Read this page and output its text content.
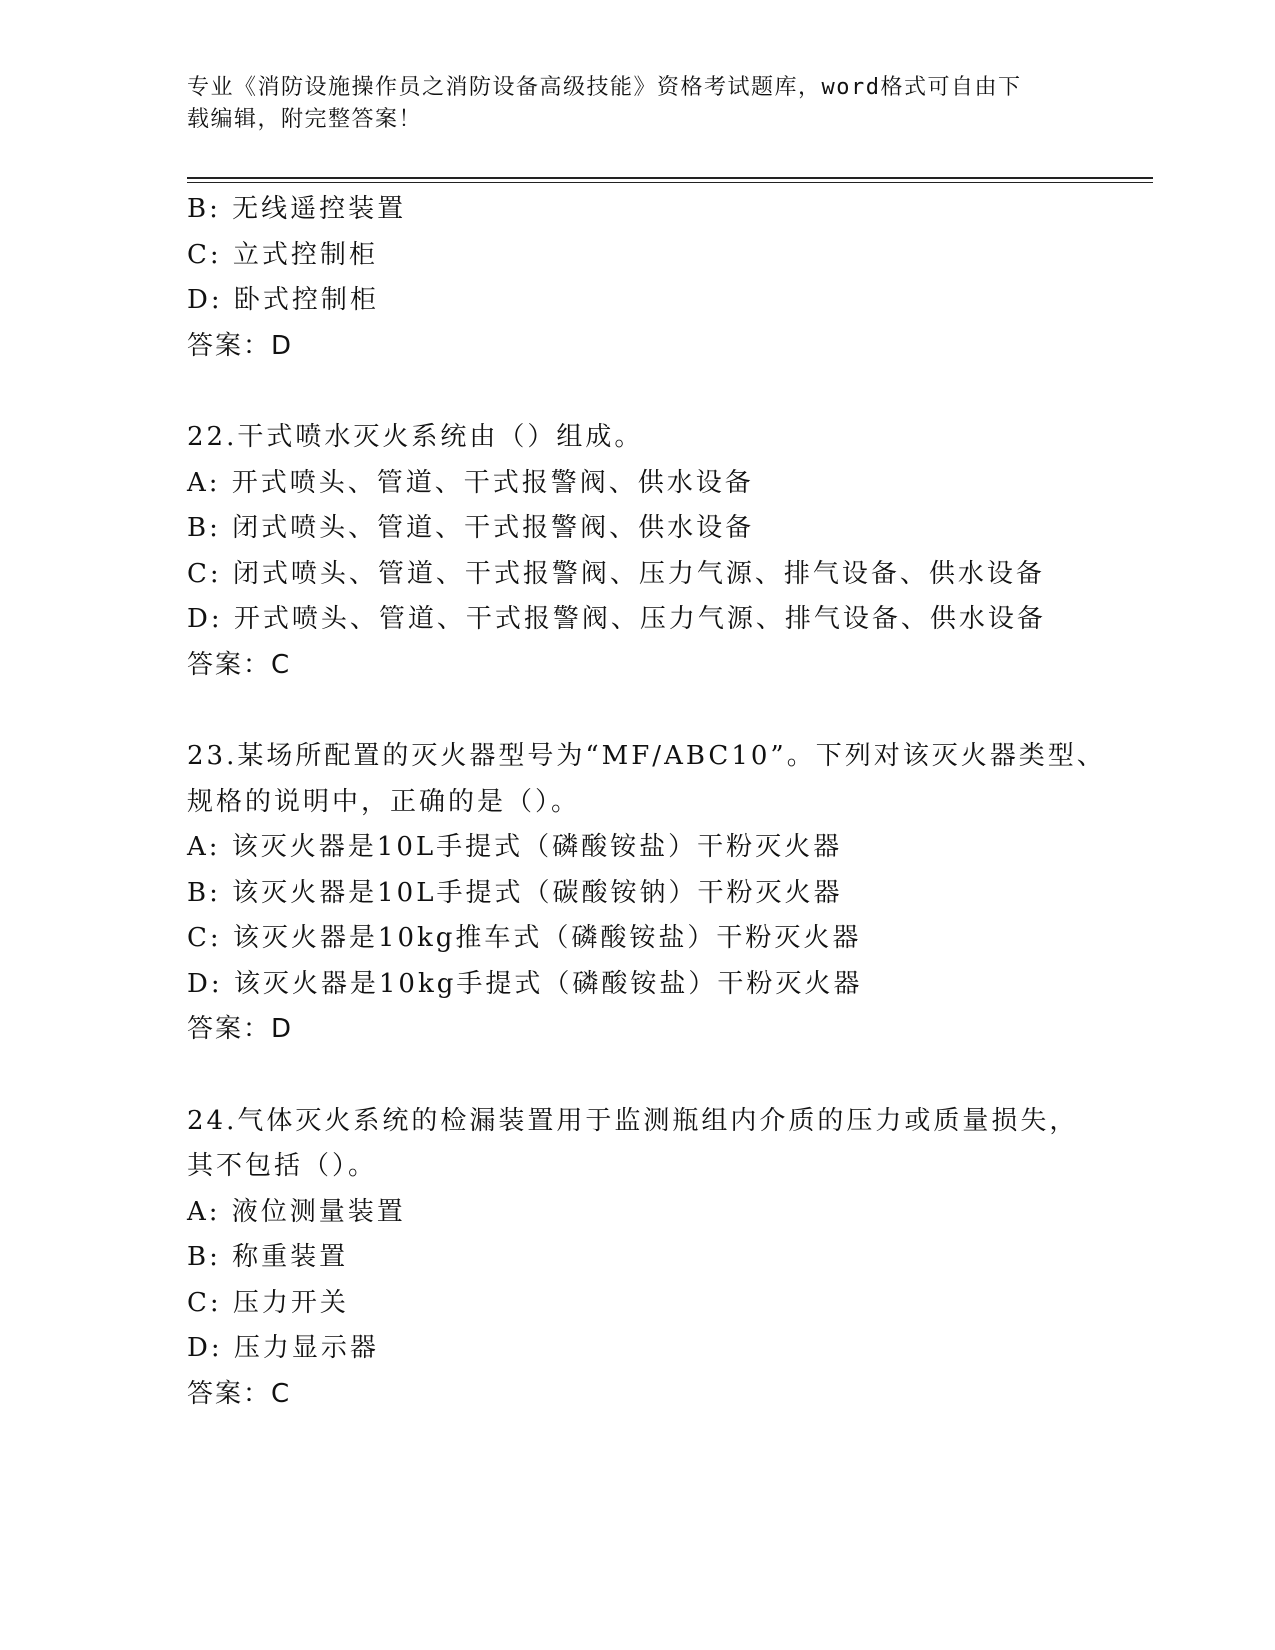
专业《消防设施操作员之消防设备高级技能》资格考试题库，word格式可自由下
载编辑，附完整答案！
B: 无线遥控装置
C: 立式控制柜
D: 卧式控制柜
答案：D
22.干式喷水灭火系统由（）组成。
A: 开式喷头、管道、干式报警阀、供水设备
B: 闭式喷头、管道、干式报警阀、供水设备
C: 闭式喷头、管道、干式报警阀、压力气源、排气设备、供水设备
D: 开式喷头、管道、干式报警阀、压力气源、排气设备、供水设备
答案：C
23.某场所配置的灭火器型号为“MF/ABC10”。下列对该灭火器类型、
规格的说明中，正确的是（）。
A: 该灭火器是10L手提式（磷酸铵盐）干粉灭火器
B: 该灭火器是10L手提式（碳酸铵钠）干粉灭火器
C: 该灭火器是10kg推车式（磷酸铵盐）干粉灭火器
D: 该灭火器是10kg手提式（磷酸铵盐）干粉灭火器
答案：D
24.气体灭火系统的检漏装置用于监测瓶组内介质的压力或质量损失，
其不包括（）。
A: 液位测量装置
B: 称重装置
C: 压力开关
D: 压力显示器
答案：C
